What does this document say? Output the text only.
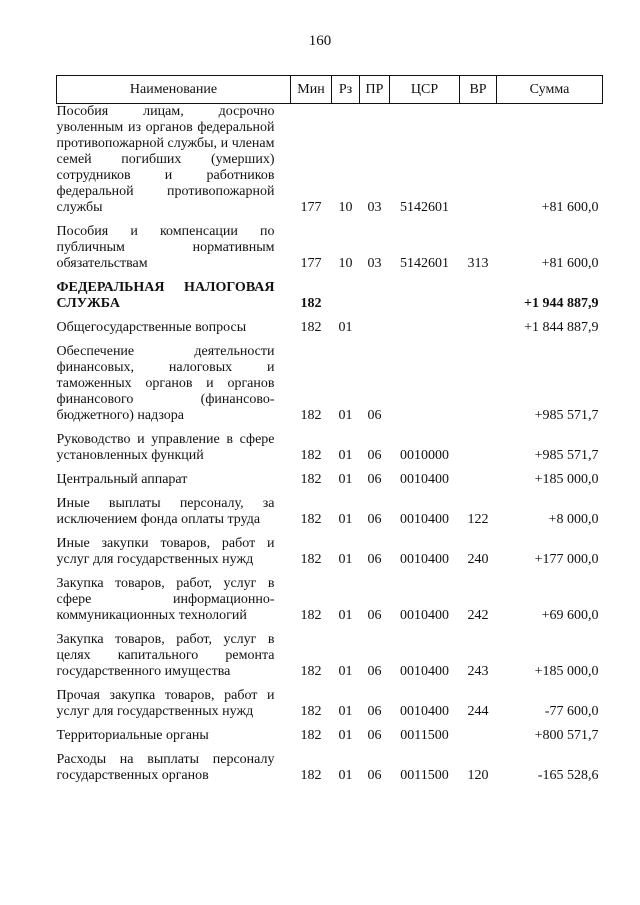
160
Наименование	Мин	Рз	ПР	ЦСР	ВР	Сумма
Пособия лицам, досрочно уволенным из органов федеральной противопожарной службы, и членам семей погибших (умерших) сотрудников и работников федеральной противопожарной службы	177	10	03	5142601		+81 600,0
Пособия и компенсации по публичным нормативным обязательствам	177	10	03	5142601	313	+81 600,0
ФЕДЕРАЛЬНАЯ НАЛОГОВАЯ СЛУЖБА	182					+1 944 887,9
Общегосударственные вопросы	182	01				+1 844 887,9
Обеспечение деятельности финансовых, налоговых и таможенных органов и органов финансового (финансово-бюджетного) надзора	182	01	06			+985 571,7
Руководство и управление в сфере установленных функций	182	01	06	0010000		+985 571,7
Центральный аппарат	182	01	06	0010400		+185 000,0
Иные выплаты персоналу, за исключением фонда оплаты труда	182	01	06	0010400	122	+8 000,0
Иные закупки товаров, работ и услуг для государственных нужд	182	01	06	0010400	240	+177 000,0
Закупка товаров, работ, услуг в сфере информационно-коммуникационных технологий	182	01	06	0010400	242	+69 600,0
Закупка товаров, работ, услуг в целях капитального ремонта государственного имущества	182	01	06	0010400	243	+185 000,0
Прочая закупка товаров, работ и услуг для государственных нужд	182	01	06	0010400	244	-77 600,0
Территориальные органы	182	01	06	0011500		+800 571,7
Расходы на выплаты персоналу государственных органов	182	01	06	0011500	120	-165 528,6
